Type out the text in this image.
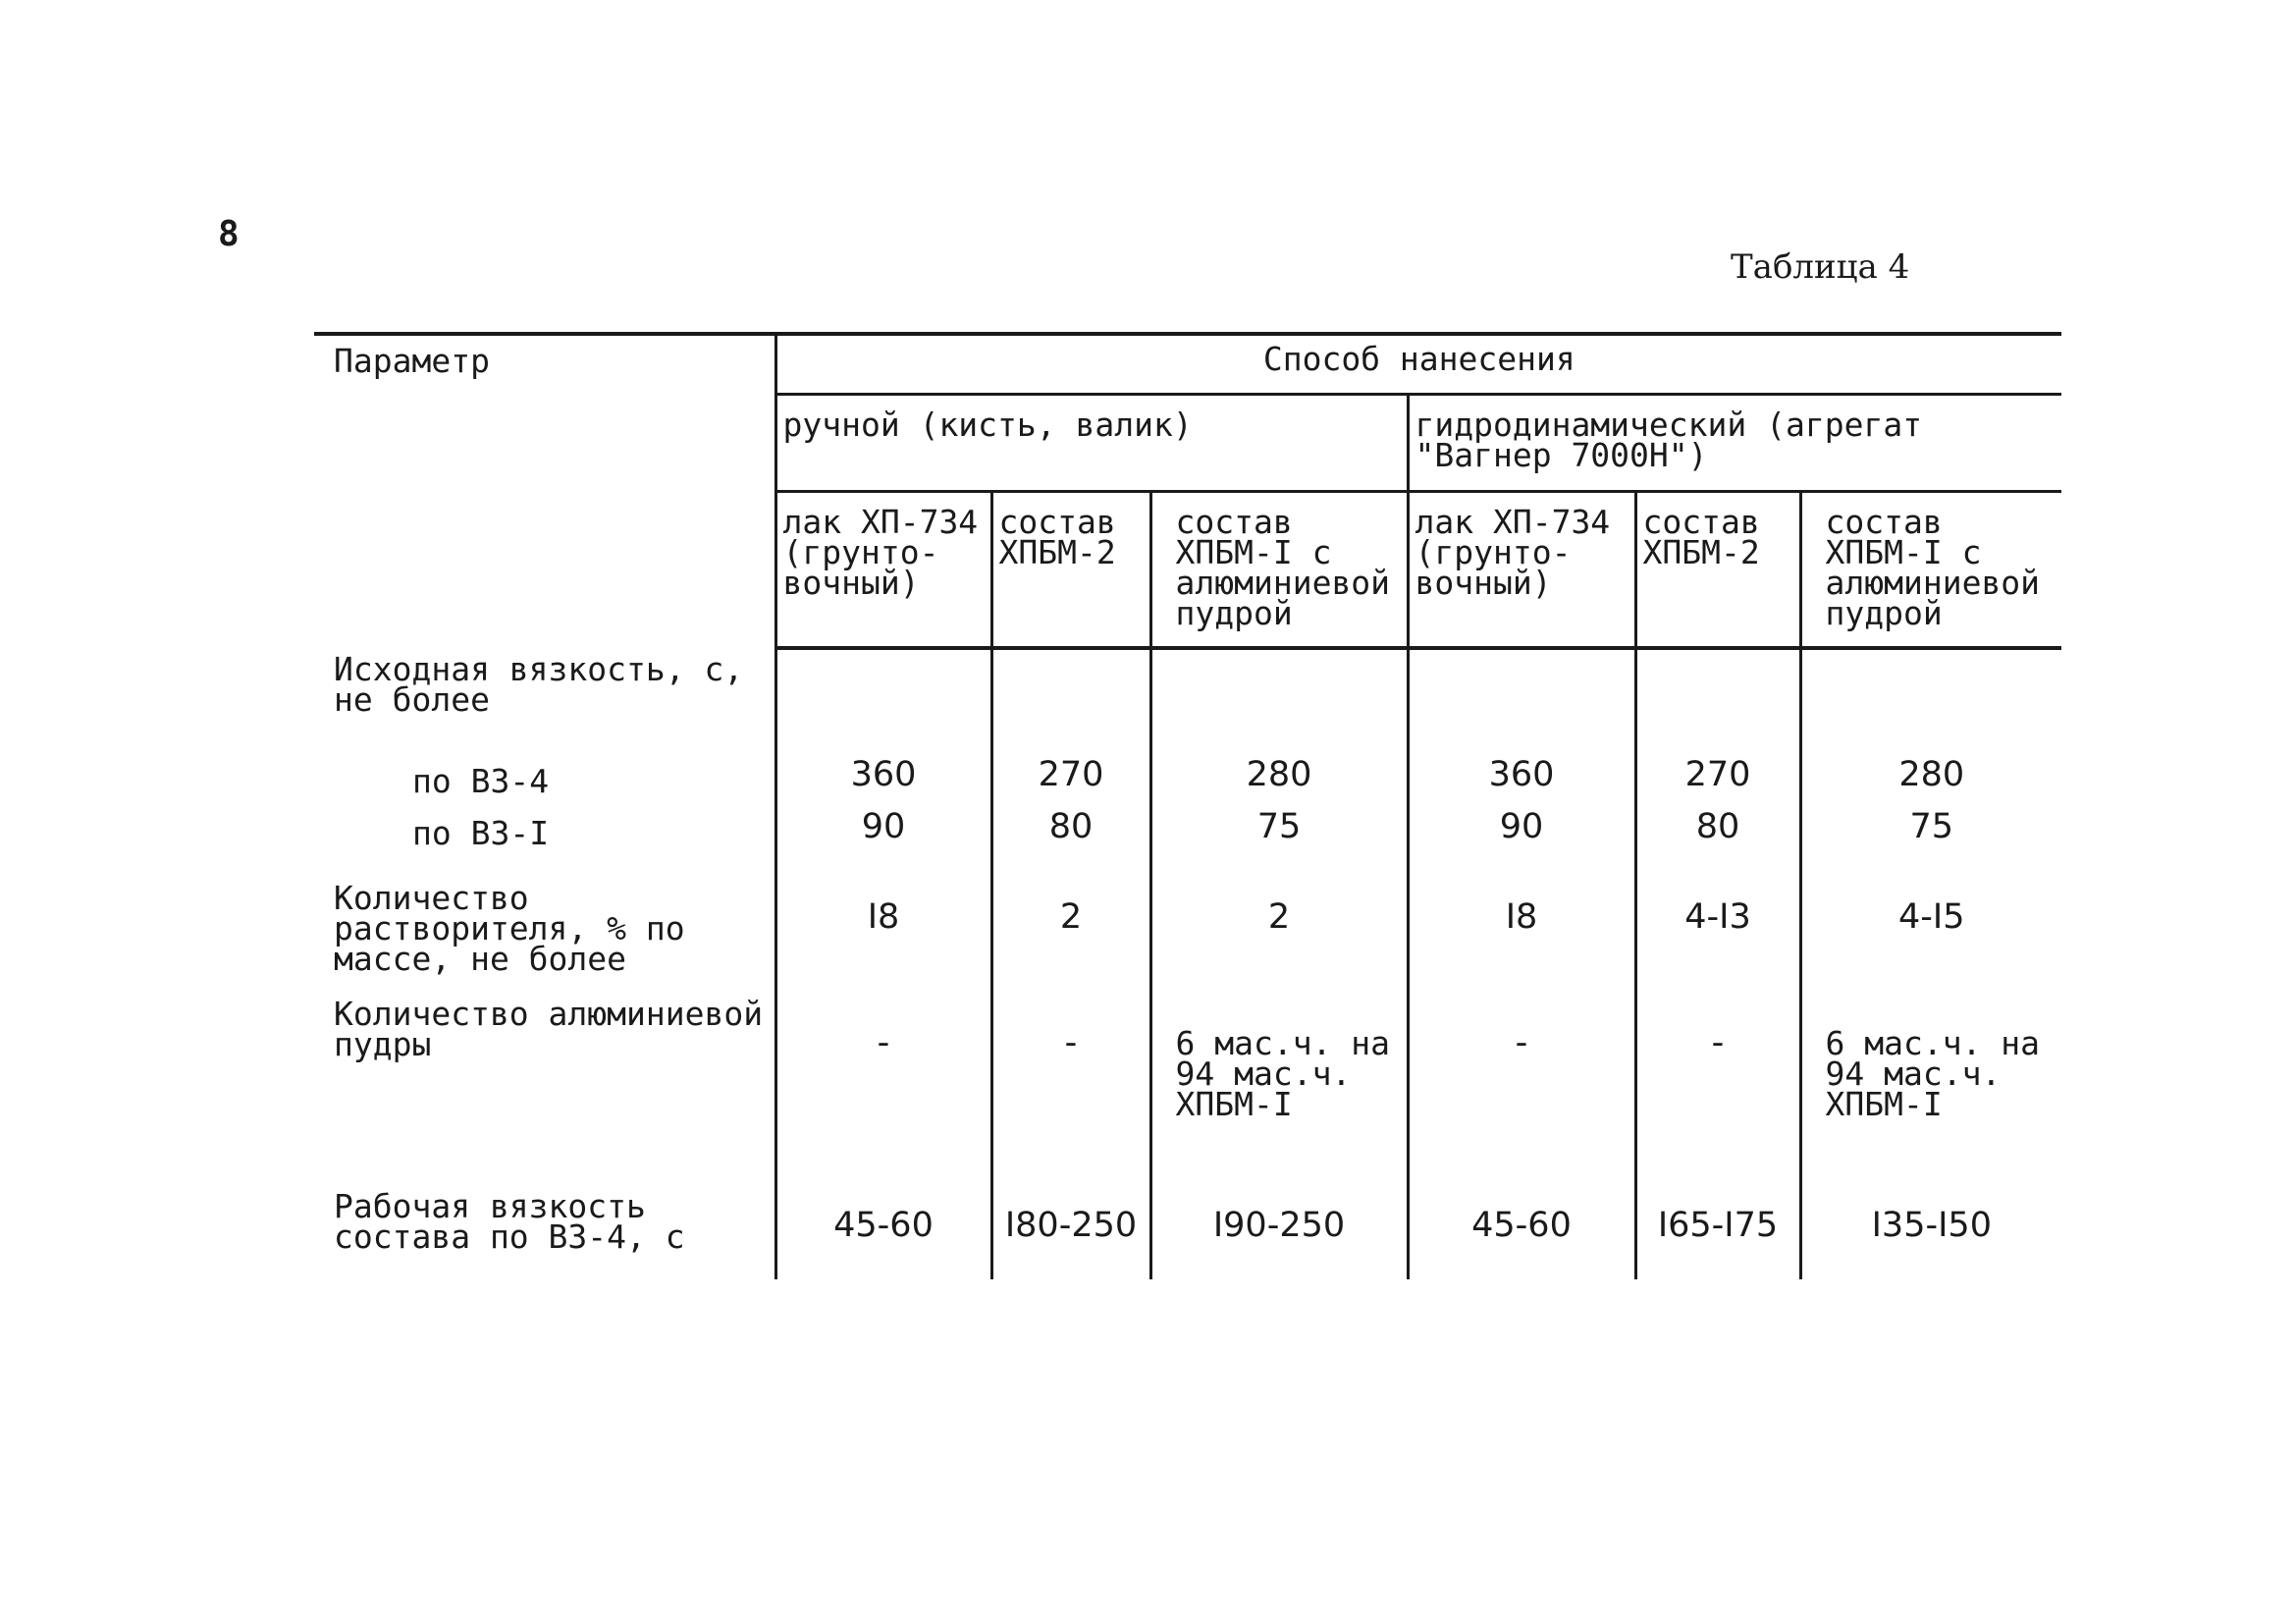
8
Таблица 4
Параметр	Способ нанесения					
	ручной (кисть, валик)			гидродинамический (агрегат "Вагнер 7000Н")		
	лак ХП-734 (грунто-вочный)	состав ХПБМ-2	состав ХПБМ-I с алюминиевой пудрой	лак ХП-734 (грунто-вочный)	состав ХПБМ-2	состав ХПБМ-I с алюминиевой пудрой
Исходная вязкость, с, не более						
по ВЗ-4	360	270	280	360	270	280
по ВЗ-I	90	80	75	90	80	75
Количество растворителя, % по массе, не более	I8	2	2	I8	4-I3	4-I5
Количество алюминиевой пудры	-	-	6 мас.ч. на 94 мас.ч. ХПБМ-I	-	-	6 мас.ч. на 94 мас.ч. ХПБМ-I
Рабочая вязкость состава по ВЗ-4, с	45-60	I80-250	I90-250	45-60	I65-I75	I35-I50
